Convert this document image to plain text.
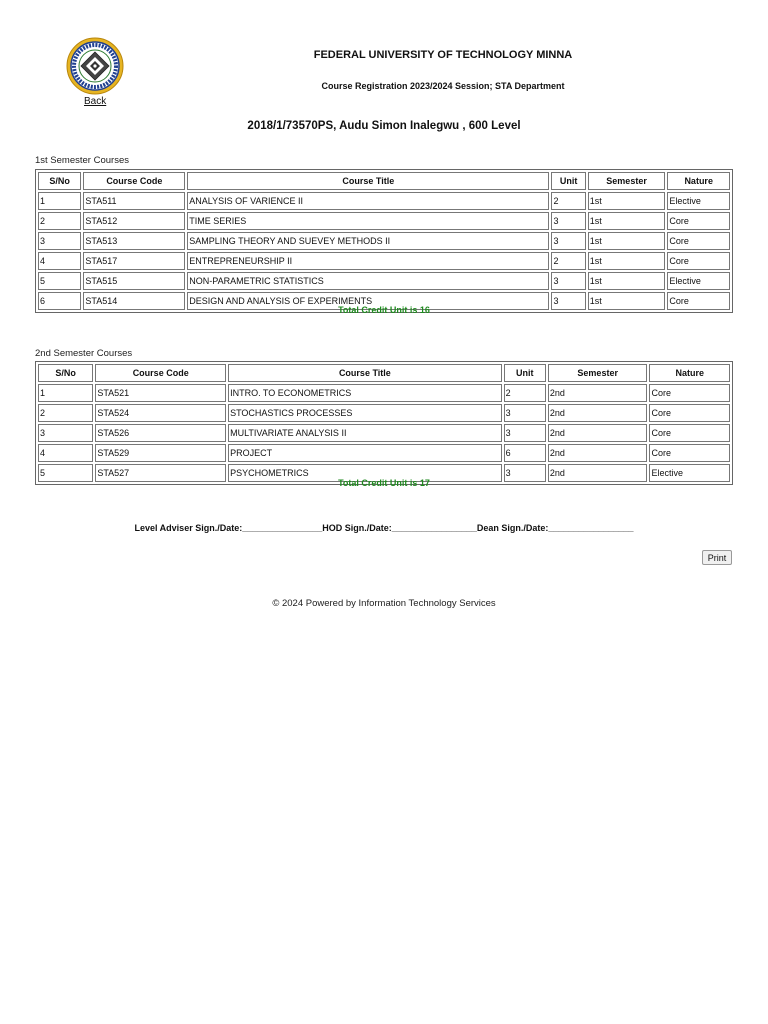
Back
FEDERAL UNIVERSITY OF TECHNOLOGY MINNA
Course Registration 2023/2024 Session; STA Department
2018/1/73570PS, Audu Simon Inalegwu , 600 Level
1st Semester Courses
S/No	Course Code	Course Title	Unit	Semester	Nature
1	STA511	ANALYSIS OF VARIENCE II	2	1st	Elective
2	STA512	TIME SERIES	3	1st	Core
3	STA513	SAMPLING THEORY AND SUEVEY METHODS II	3	1st	Core
4	STA517	ENTREPRENEURSHIP II	2	1st	Core
5	STA515	NON-PARAMETRIC STATISTICS	3	1st	Elective
6	STA514	DESIGN AND ANALYSIS OF EXPERIMENTS	3	1st	Core
Total Credit Unit is 16
2nd Semester Courses
S/No	Course Code	Course Title	Unit	Semester	Nature
1	STA521	INTRO. TO ECONOMETRICS	2	2nd	Core
2	STA524	STOCHASTICS PROCESSES	3	2nd	Core
3	STA526	MULTIVARIATE ANALYSIS II	3	2nd	Core
4	STA529	PROJECT	6	2nd	Core
5	STA527	PSYCHOMETRICS	3	2nd	Elective
Total Credit Unit is 17
Level Adviser Sign./Date:________________HOD Sign./Date:_________________Dean Sign./Date:_________________
Print
© 2024 Powered by Information Technology Services
